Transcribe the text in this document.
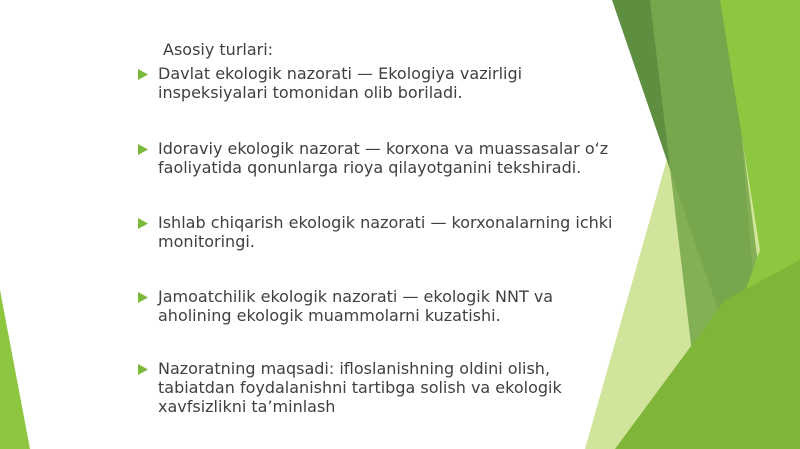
Asosiy turlari:
Davlat ekologik nazorati — Ekologiya vazirligi inspeksiyalari tomonidan olib boriladi.
Idoraviy ekologik nazorat — korxona va muassasalar o‘z faoliyatida qonunlarga rioya qilayotganini tekshiradi.
Ishlab chiqarish ekologik nazorati — korxonalarning ichki monitoringi.
Jamoatchilik ekologik nazorati — ekologik NNT va aholining ekologik muammolarni kuzatishi.
Nazoratning maqsadi: ifloslanishning oldini olish, tabiatdan foydalanishni tartibga solish va ekologik xavfsizlikni ta’minlash
